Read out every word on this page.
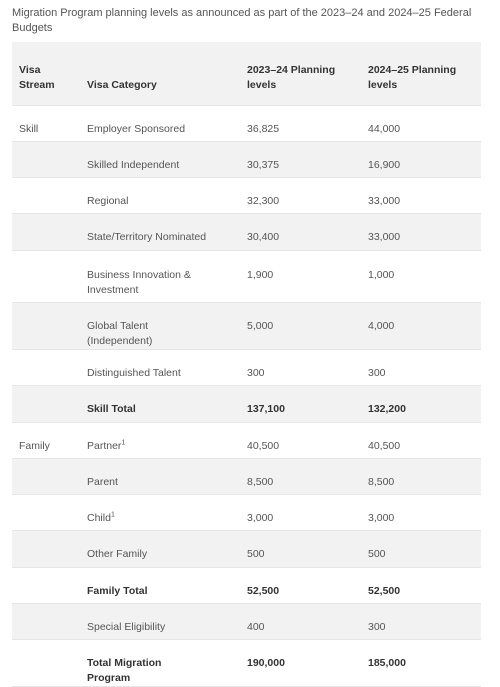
Migration Program planning levels as announced as part of the 2023–24 and 2024–25 Federal Budgets
Visa Stream	Visa Category	2023–24 Planning levels	2024–25 Planning levels

Skill	Employer Sponsored	36,825	44,000

	Skilled Independent	30,375	16,900

	Regional	32,300	33,000

	State/Territory Nominated	30,400	33,000

	Business Innovation & Investment	1,900	1,000

	Global Talent (Independent)	5,000	4,000

	Distinguished Talent	300	300

	Skill Total	137,100	132,200

Family	Partner$^1$	40,500	40,500

	Parent	8,500	8,500

	Child$^1$	3,000	3,000

	Other Family	500	500

	Family Total	52,500	52,500

	Special Eligibility	400	300

	Total Migration Program	190,000	185,000
